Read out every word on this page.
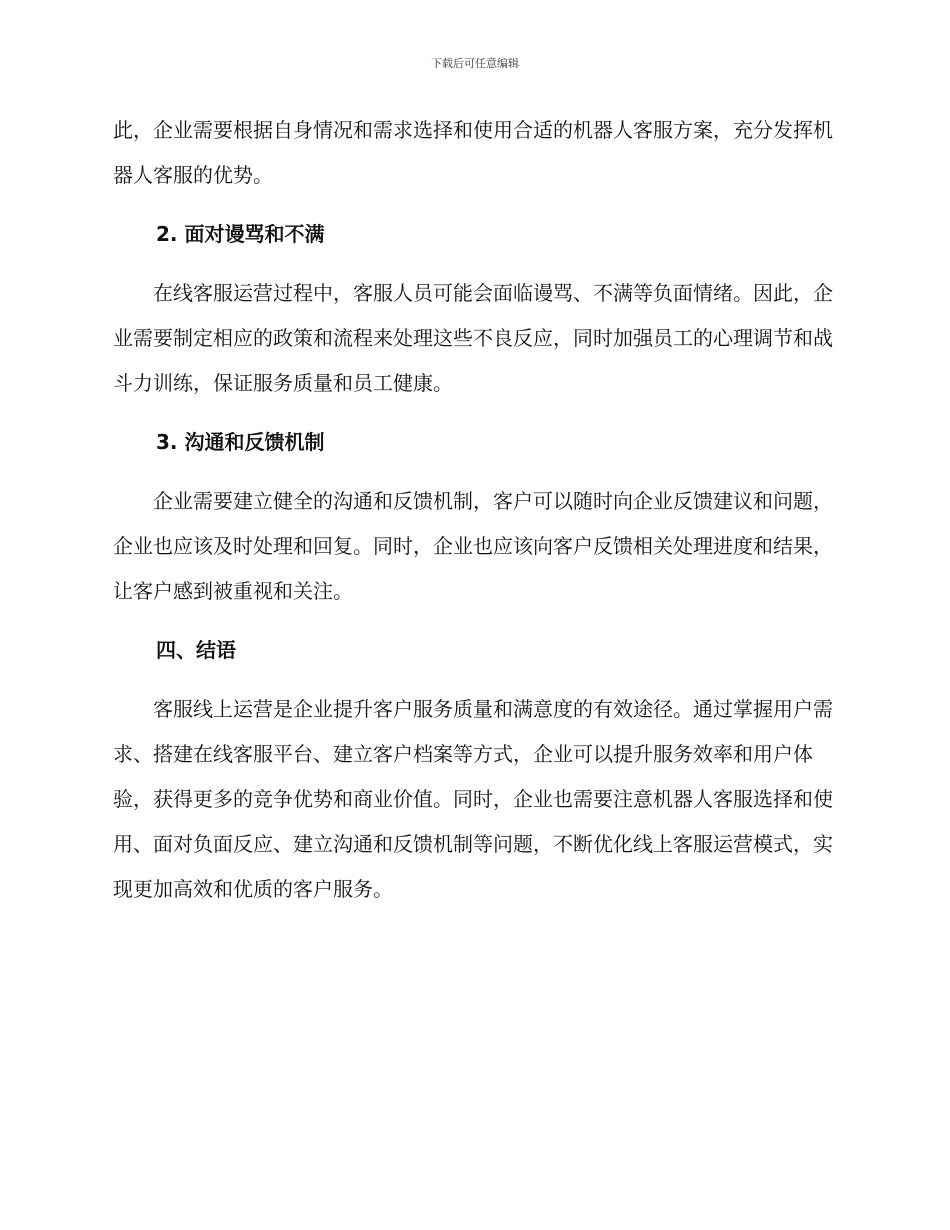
下载后可任意编辑

此，企业需要根据自身情况和需求选择和使用合适的机器人客服方案，充分发挥机器人客服的优势。

2. 面对谩骂和不满

在线客服运营过程中，客服人员可能会面临谩骂、不满等负面情绪。因此，企业需要制定相应的政策和流程来处理这些不良反应，同时加强员工的心理调节和战斗力训练，保证服务质量和员工健康。

3. 沟通和反馈机制

企业需要建立健全的沟通和反馈机制，客户可以随时向企业反馈建议和问题，企业也应该及时处理和回复。同时，企业也应该向客户反馈相关处理进度和结果，让客户感到被重视和关注。

四、结语

客服线上运营是企业提升客户服务质量和满意度的有效途径。通过掌握用户需求、搭建在线客服平台、建立客户档案等方式，企业可以提升服务效率和用户体验，获得更多的竞争优势和商业价值。同时，企业也需要注意机器人客服选择和使用、面对负面反应、建立沟通和反馈机制等问题，不断优化线上客服运营模式，实现更加高效和优质的客户服务。
